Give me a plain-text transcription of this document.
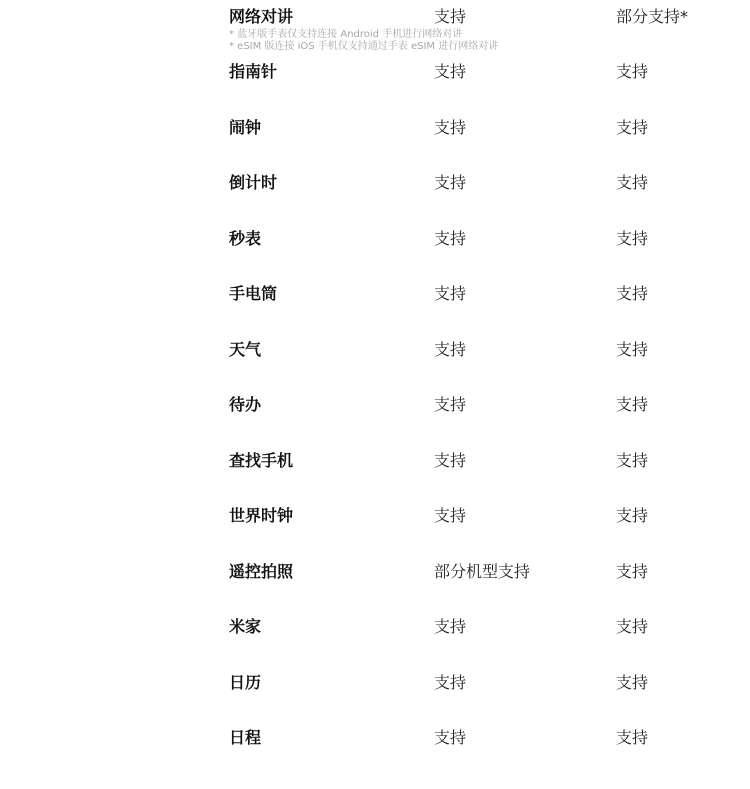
网络对讲	支持	部分支持*
* 蓝牙版手表仅支持连接 Android 手机进行网络对讲
* eSIM 版连接 iOS 手机仅支持通过手表 eSIM 进行网络对讲
指南针	支持	支持
闹钟	支持	支持
倒计时	支持	支持
秒表	支持	支持
手电筒	支持	支持
天气	支持	支持
待办	支持	支持
查找手机	支持	支持
世界时钟	支持	支持
遥控拍照	部分机型支持	支持
米家	支持	支持
日历	支持	支持
日程	支持	支持
